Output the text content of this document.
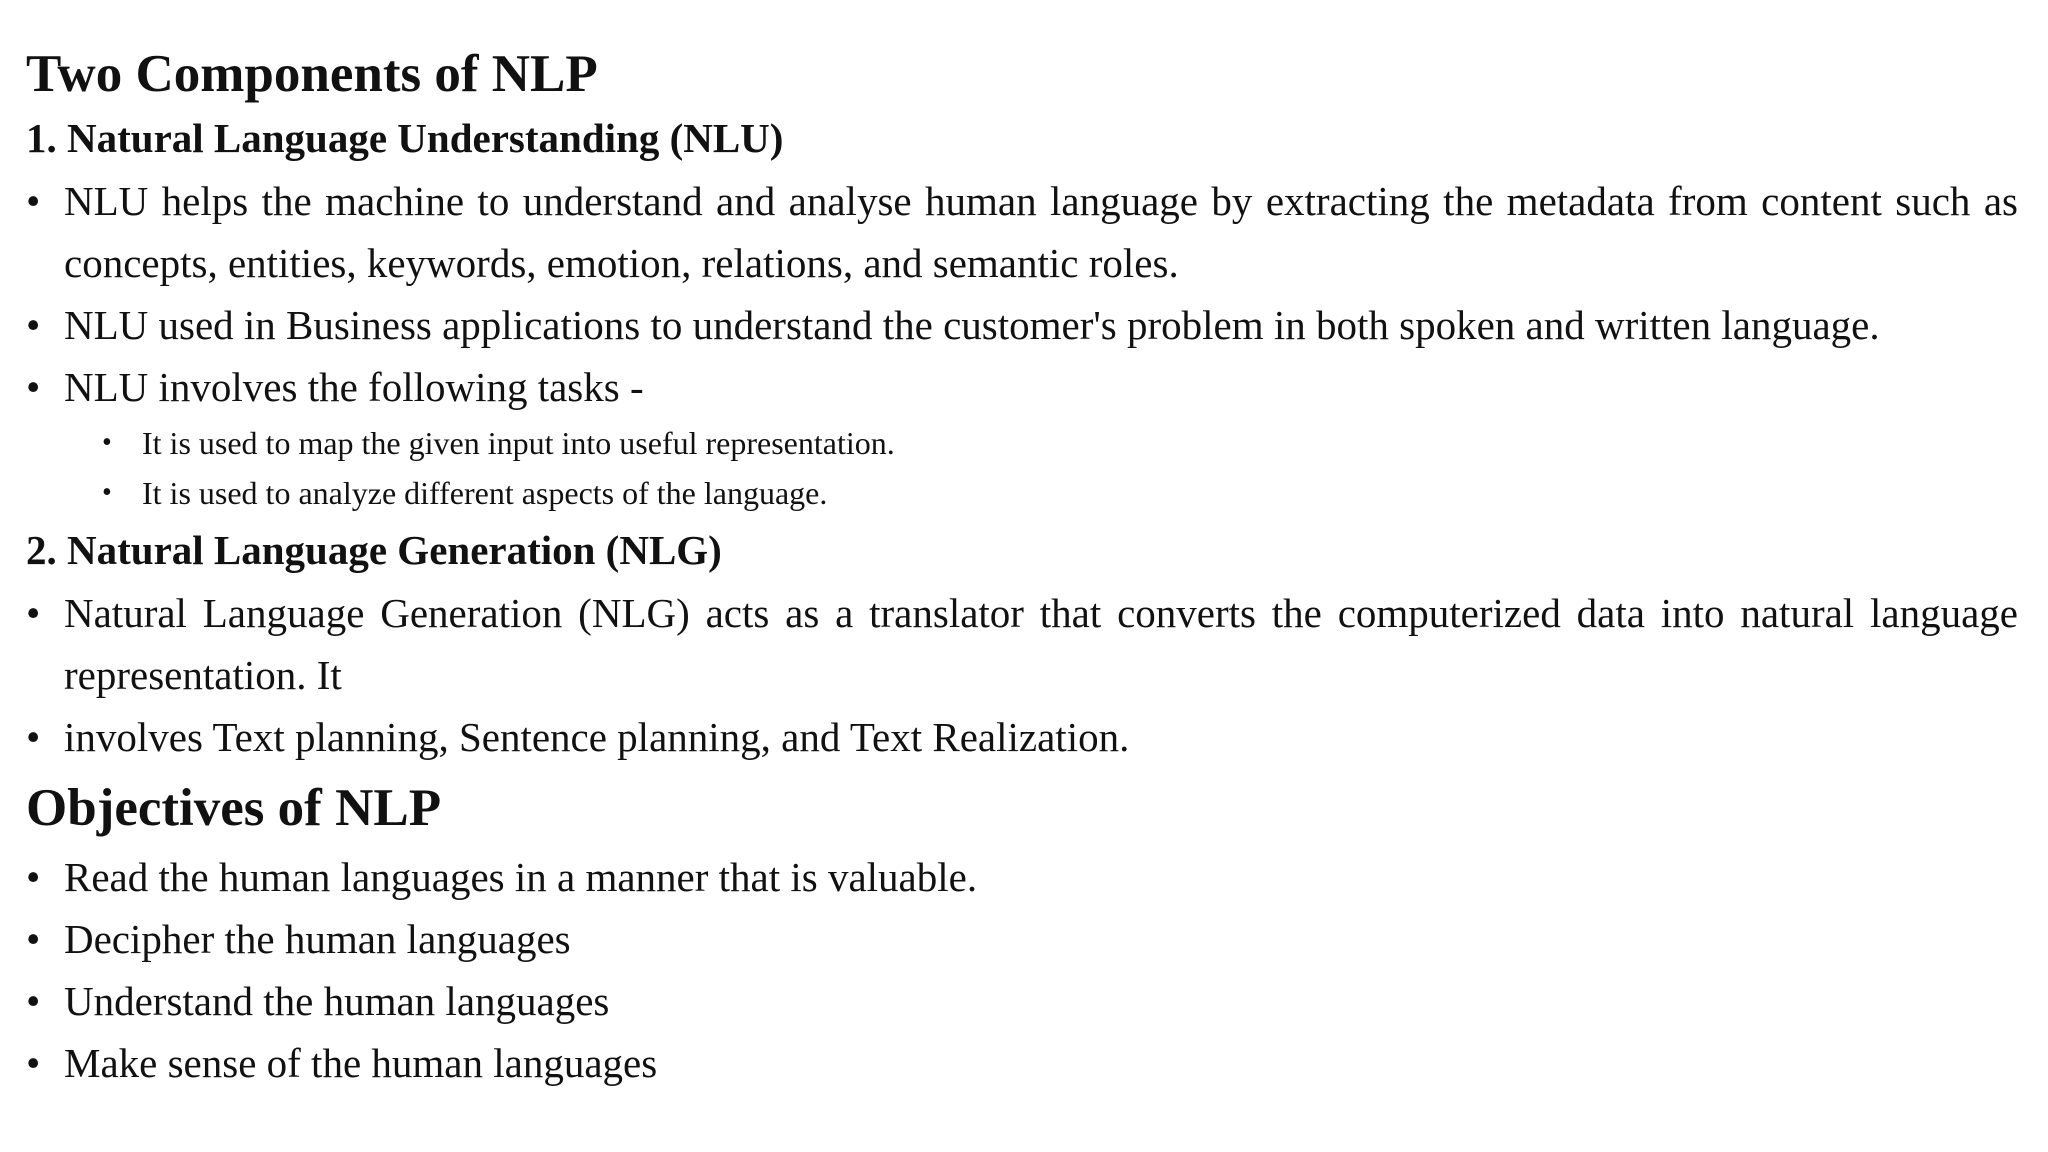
Two Components of NLP
1. Natural Language Understanding (NLU)
• NLU helps the machine to understand and analyse human language by extracting the metadata from content such as concepts, entities, keywords, emotion, relations, and semantic roles.
• NLU used in Business applications to understand the customer's problem in both spoken and written language.
• NLU involves the following tasks -
• It is used to map the given input into useful representation.
• It is used to analyze different aspects of the language.
2. Natural Language Generation (NLG)
• Natural Language Generation (NLG) acts as a translator that converts the computerized data into natural language representation. It
• involves Text planning, Sentence planning, and Text Realization.
Objectives of NLP
• Read the human languages in a manner that is valuable.
• Decipher the human languages
• Understand the human languages
• Make sense of the human languages
